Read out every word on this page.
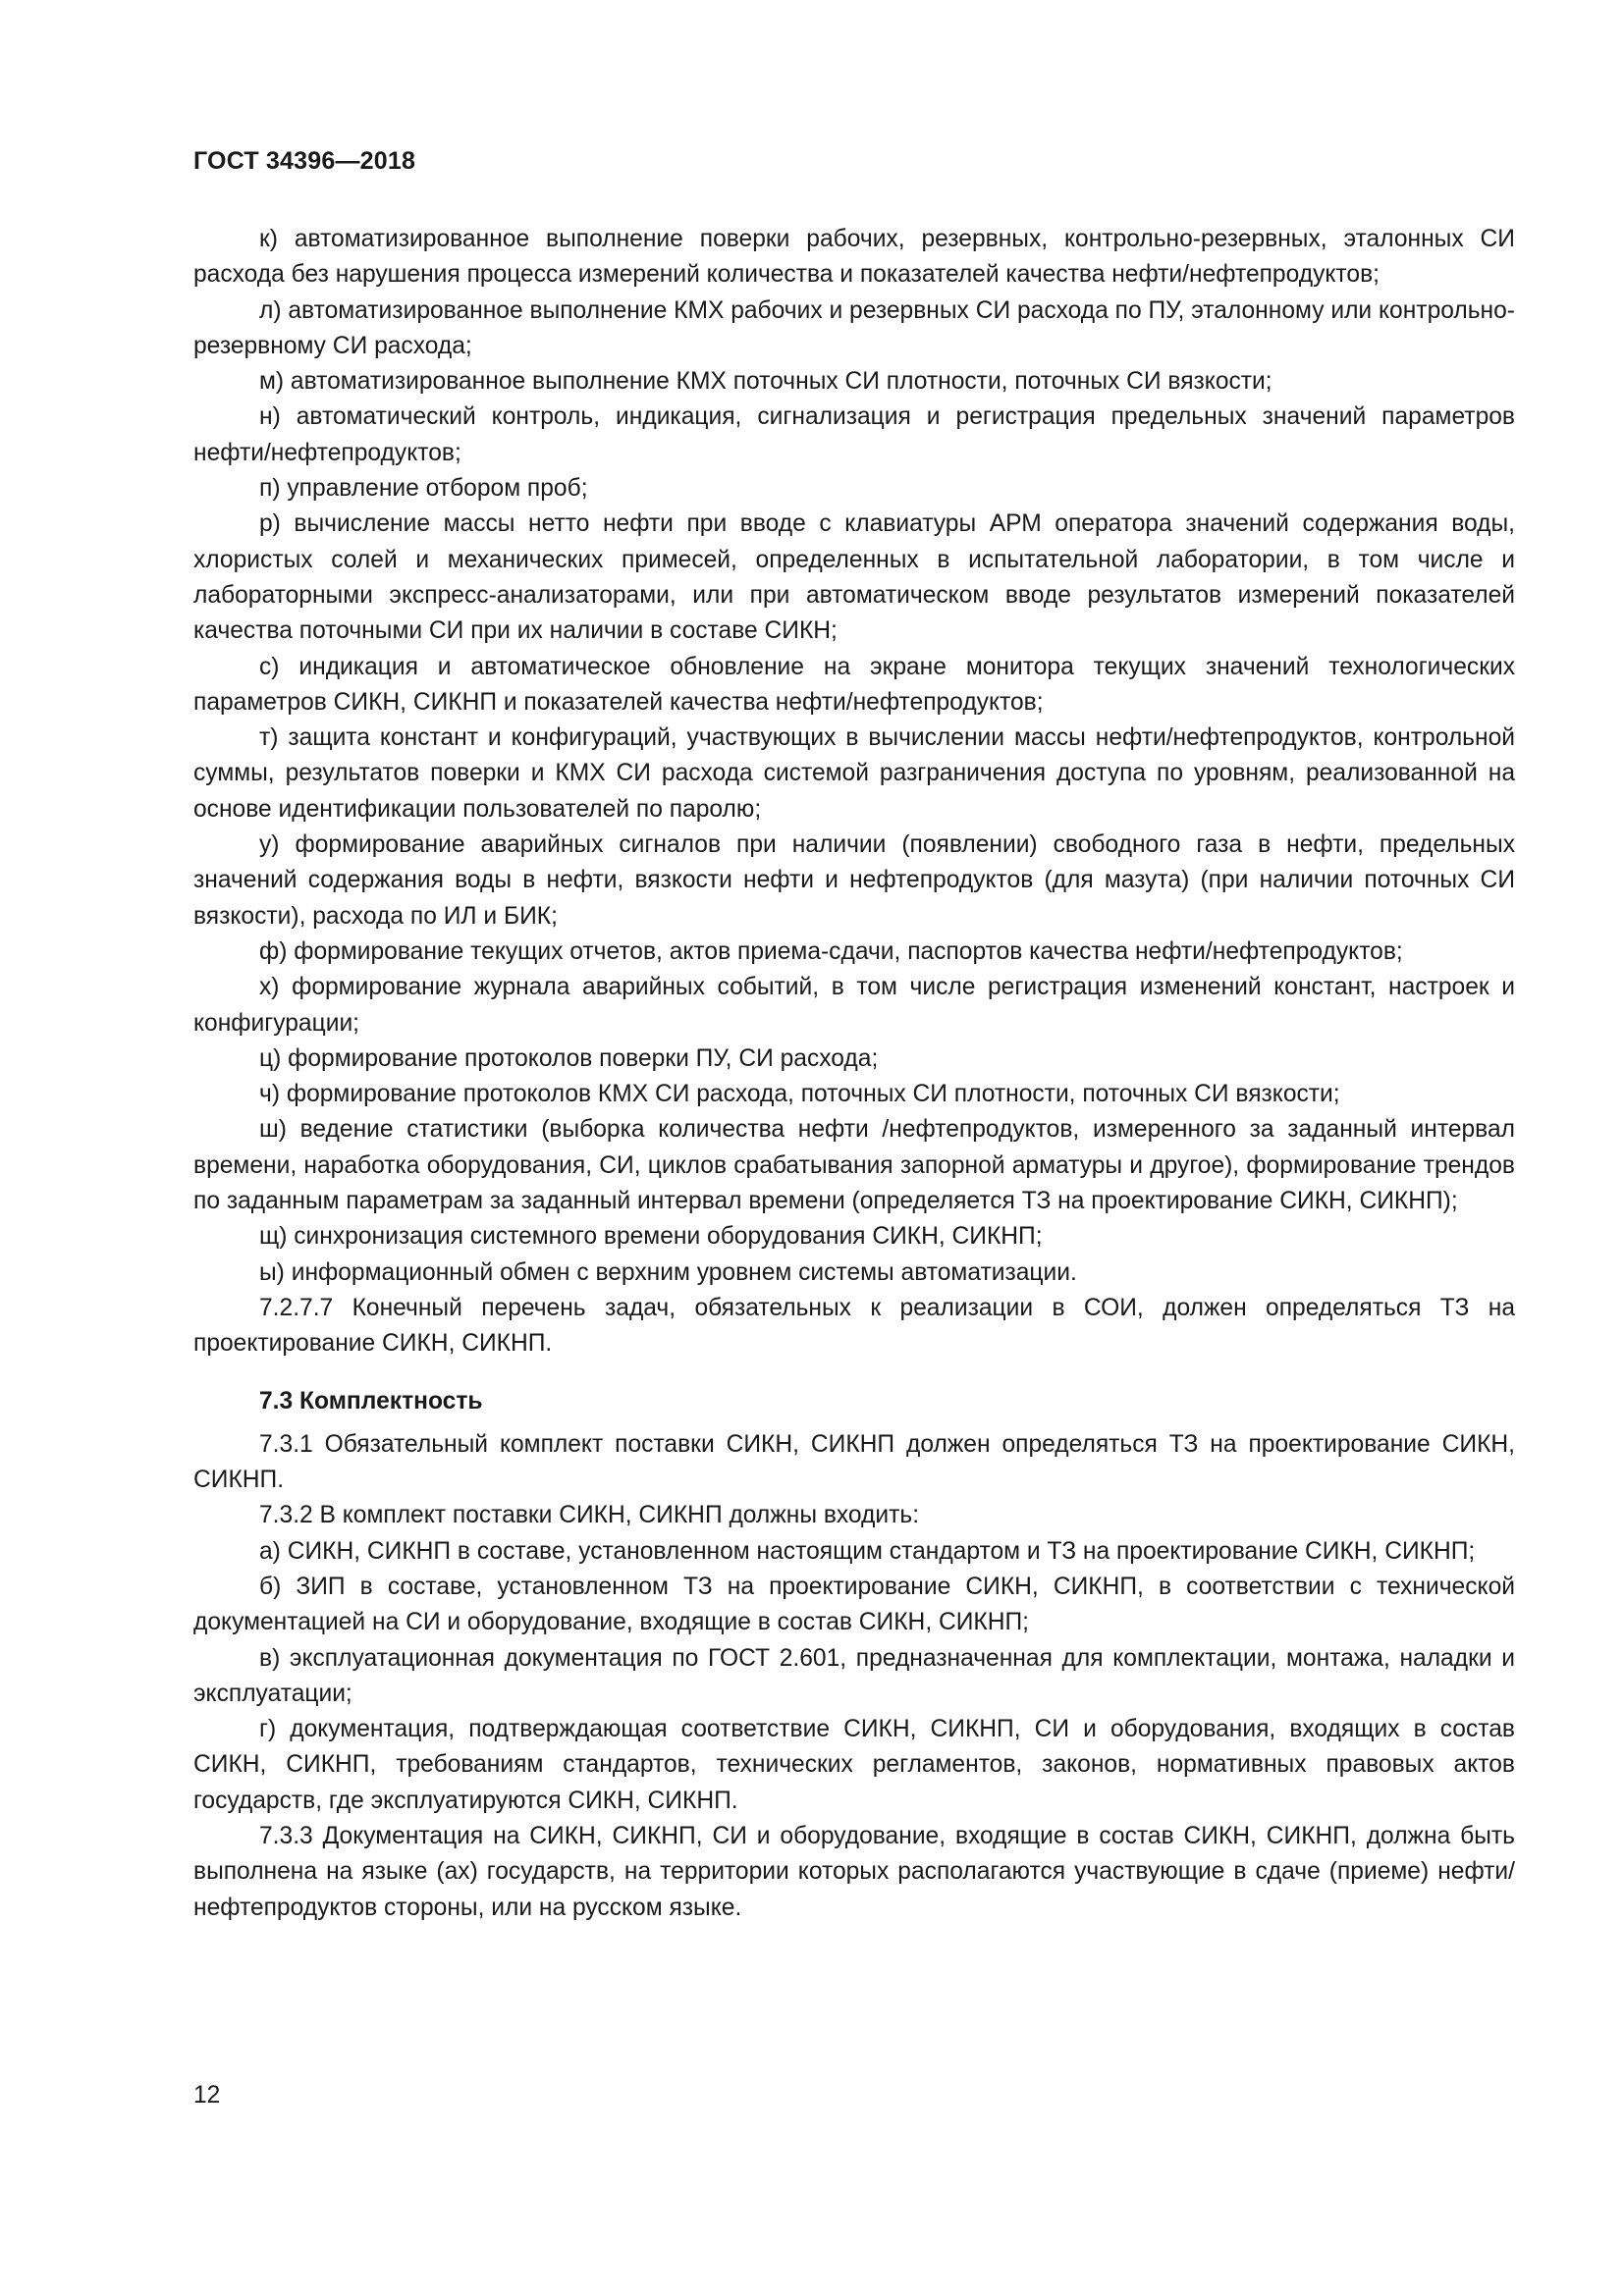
ГОСТ 34396—2018

к) автоматизированное выполнение поверки рабочих, резервных, контрольно-резервных, эталонных СИ расхода без нарушения процесса измерений количества и показателей качества нефти/нефтепродуктов;

л) автоматизированное выполнение КМХ рабочих и резервных СИ расхода по ПУ, эталонному или контрольно-резервному СИ расхода;

м) автоматизированное выполнение КМХ поточных СИ плотности, поточных СИ вязкости;

н) автоматический контроль, индикация, сигнализация и регистрация предельных значений параметров нефти/нефтепродуктов;

п) управление отбором проб;

р) вычисление массы нетто нефти при вводе с клавиатуры АРМ оператора значений содержания воды, хлористых солей и механических примесей, определенных в испытательной лаборатории, в том числе и лабораторными экспресс-анализаторами, или при автоматическом вводе результатов измерений показателей качества поточными СИ при их наличии в составе СИКН;

с) индикация и автоматическое обновление на экране монитора текущих значений технологических параметров СИКН, СИКНП и показателей качества нефти/нефтепродуктов;

т) защита констант и конфигураций, участвующих в вычислении массы нефти/нефтепродуктов, контрольной суммы, результатов поверки и КМХ СИ расхода системой разграничения доступа по уровням, реализованной на основе идентификации пользователей по паролю;

у) формирование аварийных сигналов при наличии (появлении) свободного газа в нефти, предельных значений содержания воды в нефти, вязкости нефти и нефтепродуктов (для мазута) (при наличии поточных СИ вязкости), расхода по ИЛ и БИК;

ф) формирование текущих отчетов, актов приема-сдачи, паспортов качества нефти/нефтепродуктов;

х) формирование журнала аварийных событий, в том числе регистрация изменений констант, настроек и конфигурации;

ц) формирование протоколов поверки ПУ, СИ расхода;

ч) формирование протоколов КМХ СИ расхода, поточных СИ плотности, поточных СИ вязкости;

ш) ведение статистики (выборка количества нефти /нефтепродуктов, измеренного за заданный интервал времени, наработка оборудования, СИ, циклов срабатывания запорной арматуры и другое), формирование трендов по заданным параметрам за заданный интервал времени (определяется ТЗ на проектирование СИКН, СИКНП);

щ) синхронизация системного времени оборудования СИКН, СИКНП;

ы) информационный обмен с верхним уровнем системы автоматизации.

7.2.7.7 Конечный перечень задач, обязательных к реализации в СОИ, должен определяться ТЗ на проектирование СИКН, СИКНП.

7.3 Комплектность

7.3.1 Обязательный комплект поставки СИКН, СИКНП должен определяться ТЗ на проектирование СИКН, СИКНП.

7.3.2 В комплект поставки СИКН, СИКНП должны входить:

а) СИКН, СИКНП в составе, установленном настоящим стандартом и ТЗ на проектирование СИКН, СИКНП;

б) ЗИП в составе, установленном ТЗ на проектирование СИКН, СИКНП, в соответствии с технической документацией на СИ и оборудование, входящие в состав СИКН, СИКНП;

в) эксплуатационная документация по ГОСТ 2.601, предназначенная для комплектации, монтажа, наладки и эксплуатации;

г) документация, подтверждающая соответствие СИКН, СИКНП, СИ и оборудования, входящих в состав СИКН, СИКНП, требованиям стандартов, технических регламентов, законов, нормативных правовых актов государств, где эксплуатируются СИКН, СИКНП.

7.3.3 Документация на СИКН, СИКНП, СИ и оборудование, входящие в состав СИКН, СИКНП, должна быть выполнена на языке (ах) государств, на территории которых располагаются участвующие в сдаче (приеме) нефти/нефтепродуктов стороны, или на русском языке.

12
